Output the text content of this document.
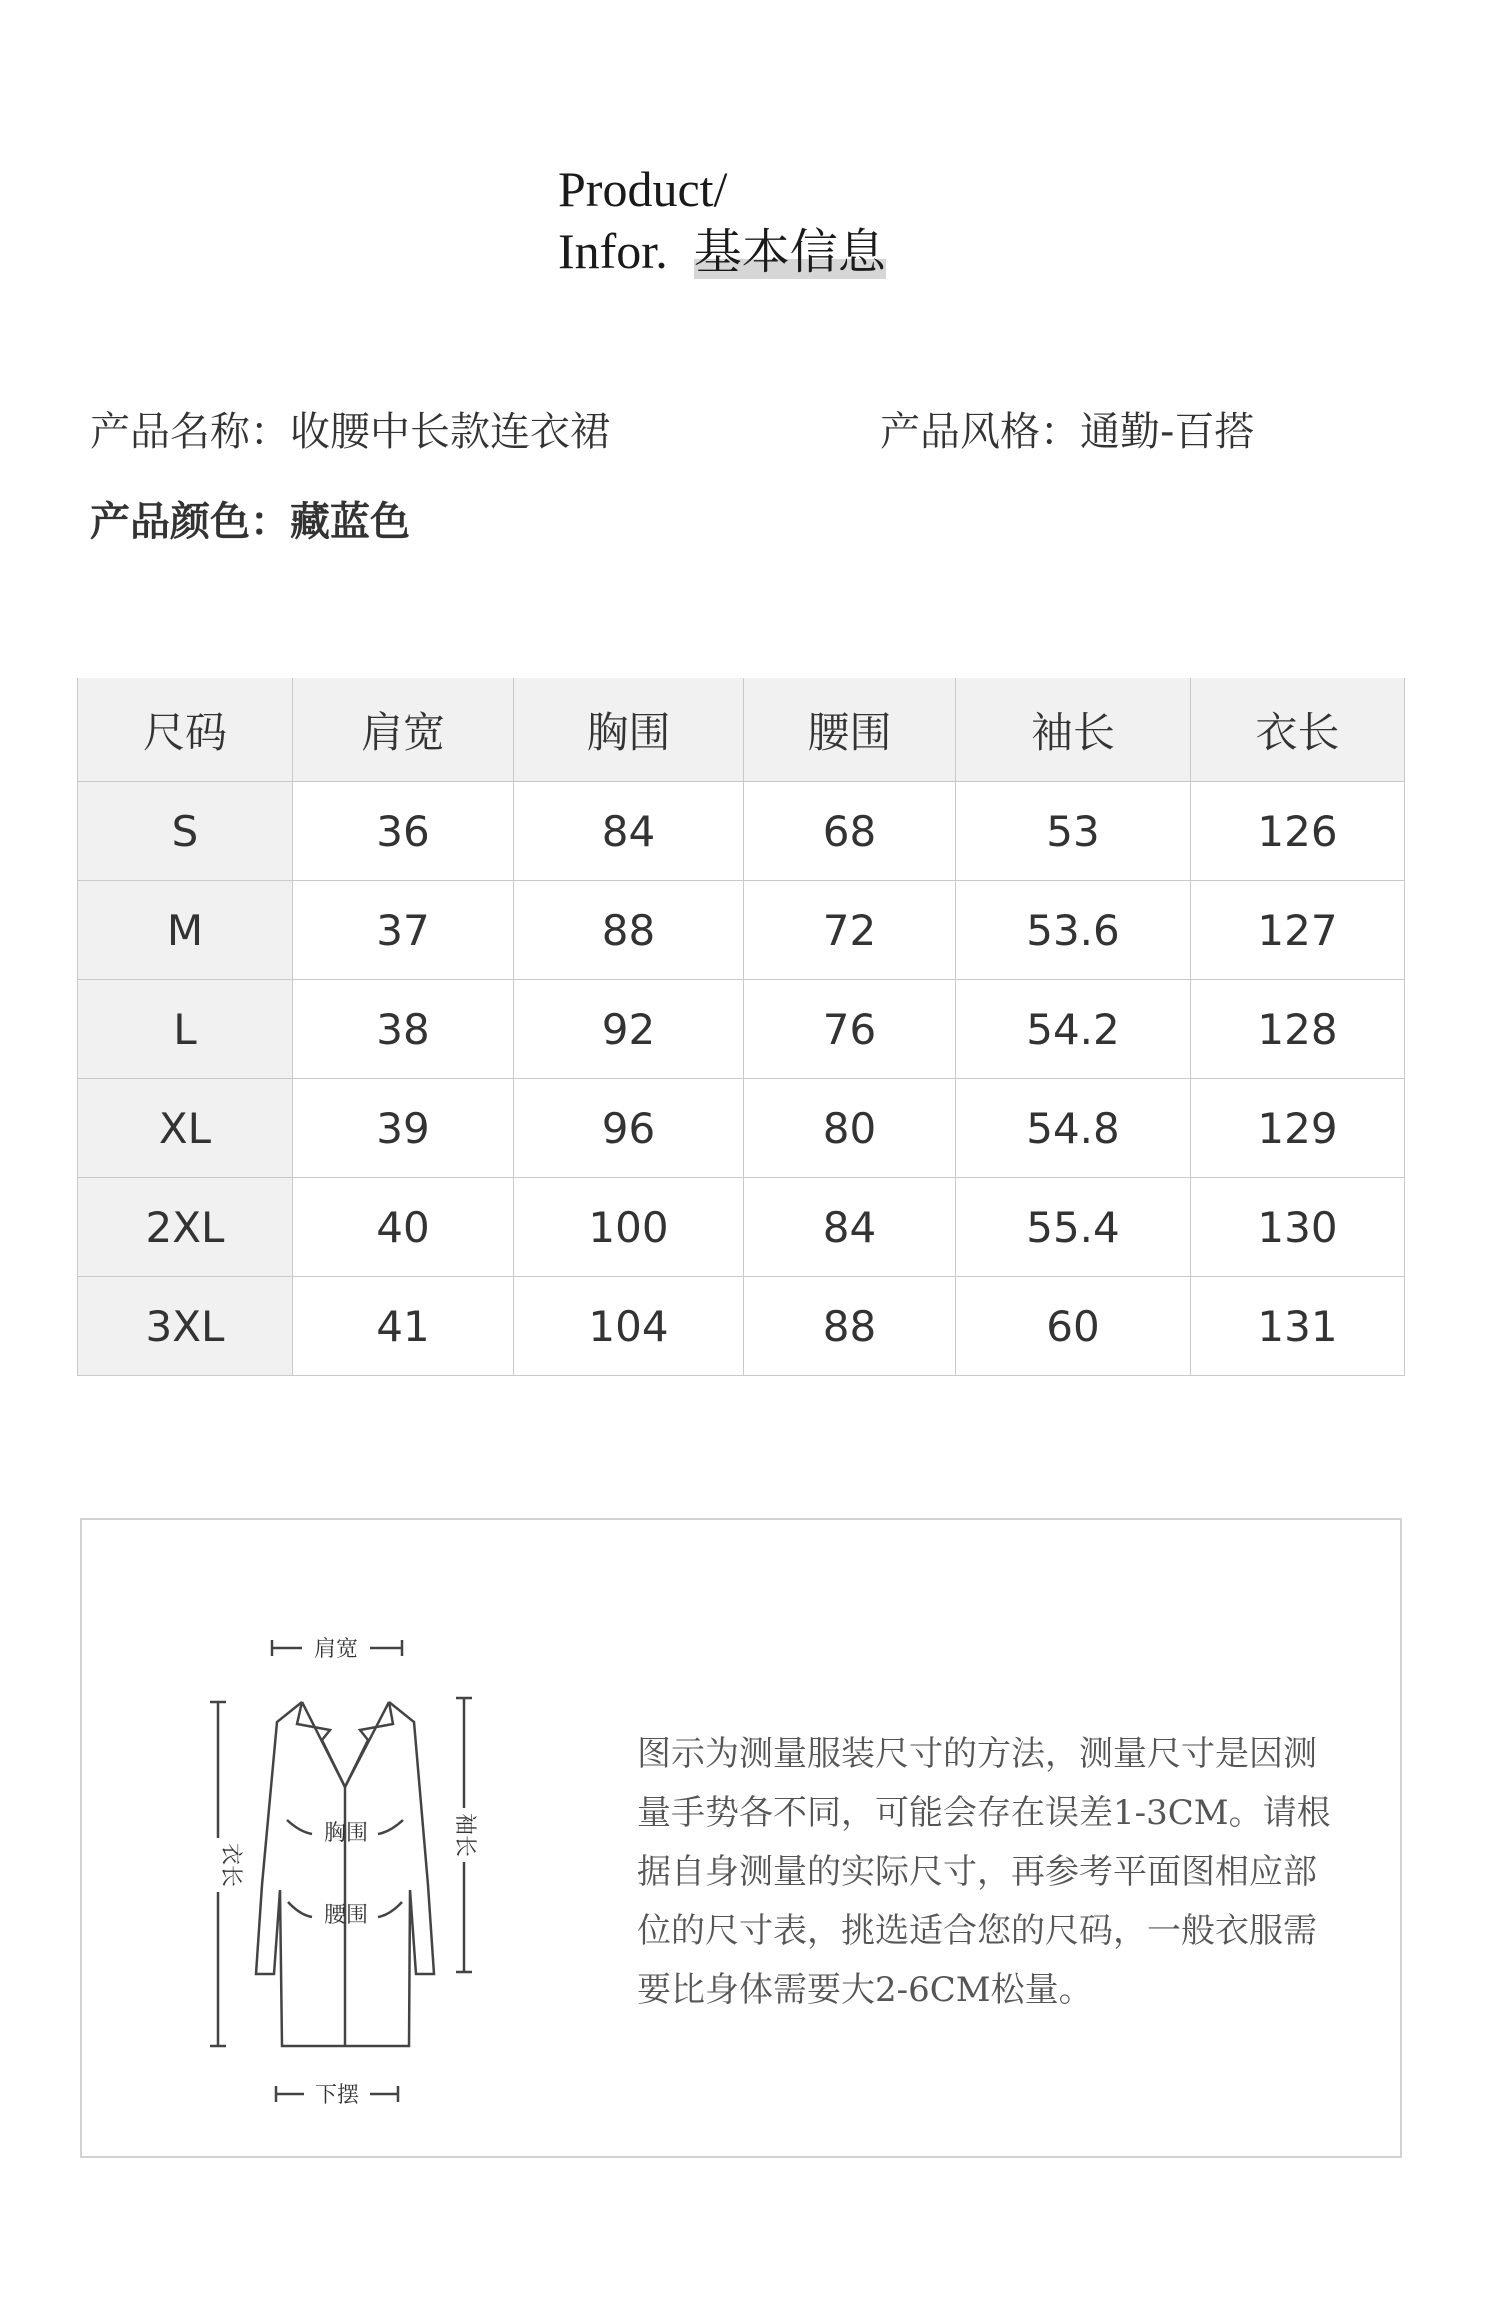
Product/
Infor. 基本信息
产品名称：收腰中长款连衣裙	产品风格：通勤-百搭
产品颜色：藏蓝色
尺码	肩宽	胸围	腰围	袖长	衣长
S	36	84	68	53	126
M	37	88	72	53.6	127
L	38	92	76	54.2	128
XL	39	96	80	54.8	129
2XL	40	100	84	55.4	130
3XL	41	104	88	60	131
肩宽
胸围
腰围
下摆
衣长
袖长
图示为测量服装尺寸的方法，测量尺寸是因测量手势各不同，可能会存在误差1-3CM。请根据自身测量的实际尺寸，再参考平面图相应部位的尺寸表，挑选适合您的尺码，一般衣服需要比身体需要大2-6CM松量。
